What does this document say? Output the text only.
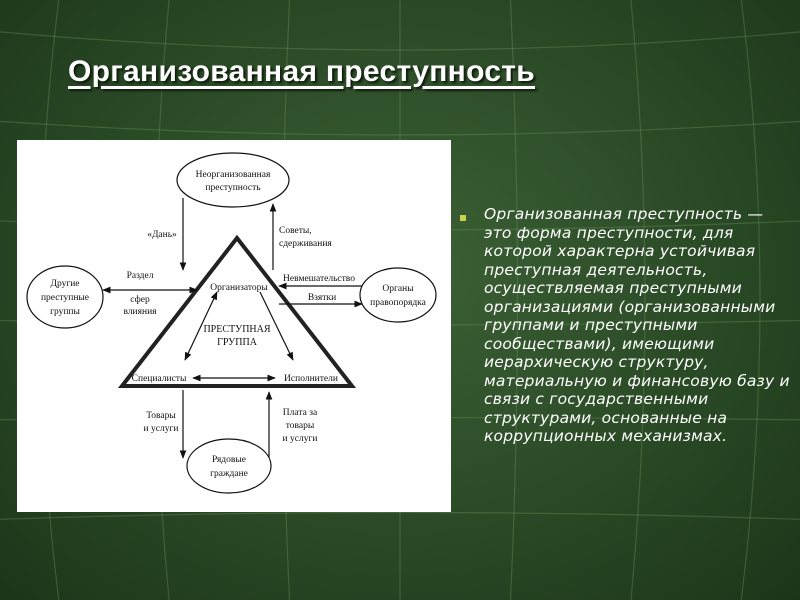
Организованная преступность
Неорганизованная
преступность
Другие
преступные
группы
Органы
правопорядка
Рядовые
граждане
Организаторы
ПРЕСТУПНАЯ
ГРУППА
Специалисты	Исполнители
«Дань»	Советы,
сдерживания
Раздел
сфер
влияния
Невмешательство
Взятки
Товары
и услуги
Плата за
товары
и услуги

Организованная преступность — это форма преступности, для которой характерна устойчивая преступная деятельность, осуществляемая преступными организациями (организованными группами и преступными сообществами), имеющими иерархическую структуру, материальную и финансовую базу и связи с государственными структурами, основанные на коррупционных механизмах.
